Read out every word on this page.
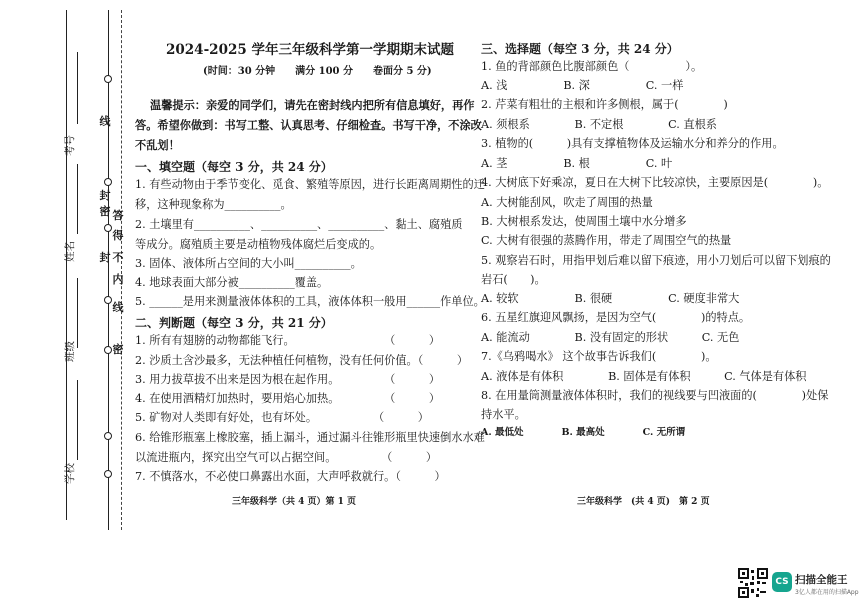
线
封
密 答
得
不
内
线
封
密
考号
姓名
班级
学校
2024-2025 学年三年级科学第一学期期末试题
(时间：30 分钟　　满分 100 分　　卷面分 5 分)
温馨提示：亲爱的同学们，请先在密封线内把所有信息填好，再作
答。希望你做到：书写工整、认真思考、仔细检查。书写干净，不涂改
不乱划！
一、填空题（每空 3 分，共 24 分）
1. 有些动物由于季节变化、觅食、繁殖等原因，进行长距离周期性的迁
移，这种现象称为__________。
2. 土壤里有__________、__________、__________、黏土、腐殖质
等成分。腐殖质主要是动植物残体腐烂后变成的。
3. 固体、液体所占空间的大小叫__________。
4. 地球表面大部分被__________覆盖。
5. ______是用来测量液体体积的工具，液体体积一般用______作单位。
二、判断题（每空 3 分，共 21 分）
1. 所有有翅膀的动物都能飞行。　　　　　　　　　（　　　）
2. 沙质土含沙最多，无法种植任何植物，没有任何价值。（　　　）
3. 用力拔草拔不出来是因为根在起作用。　　　　　（　　　）
4. 在使用酒精灯加热时，要用焰心加热。　　　　　（　　　）
5. 矿物对人类即有好处，也有坏处。　　　　　　（　　　）
6. 给锥形瓶塞上橡胶塞，插上漏斗，通过漏斗往锥形瓶里快速倒水水难
以流进瓶内，探究出空气可以占据空间。　　　　　（　　　）
7. 不慎落水，不必使口鼻露出水面，大声呼救就行。（　　　）
三年级科学（共 4 页）第 1 页
三、选择题（每空 3 分，共 24 分）
1. 鱼的背部颜色比腹部颜色（　　　　　）。
A. 浅　　　　　B. 深　　　　　C. 一样
2. 芹菜有粗壮的主根和许多侧根，属于(　　　　)
A. 须根系　　　　B. 不定根　　　　C. 直根系
3. 植物的(　　　)具有支撑植物体及运输水分和养分的作用。
A. 茎　　　　　B. 根　　　　　C. 叶
4. 大树底下好乘凉，夏日在大树下比较凉快，主要原因是(　　　　)。
A. 大树能刮风，吹走了周围的热量
B. 大树根系发达，使周围土壤中水分增多
C. 大树有很强的蒸腾作用，带走了周围空气的热量
5. 观察岩石时，用指甲划后难以留下痕迹，用小刀划后可以留下划痕的
岩石(　　)。
A. 较软　　　　　B. 很硬　　　　　C. 硬度非常大
6. 五星红旗迎风飘扬，是因为空气(　　　　)的特点。
A. 能流动　　　　B. 没有固定的形状　　　C. 无色
7.《乌鸦喝水》 这个故事告诉我们(　　　　)。
A. 液体是有体积　　　　B. 固体是有体积　　　C. 气体是有体积
8. 在用量筒测量液体体积时，我们的视线要与凹液面的(　　　　)处保
持水平。
A. 最低处　　　　B. 最高处　　　　C. 无所谓
三年级科学　(共 4 页)　第 2 页
CS 扫描全能王
3亿人都在用的扫描App
